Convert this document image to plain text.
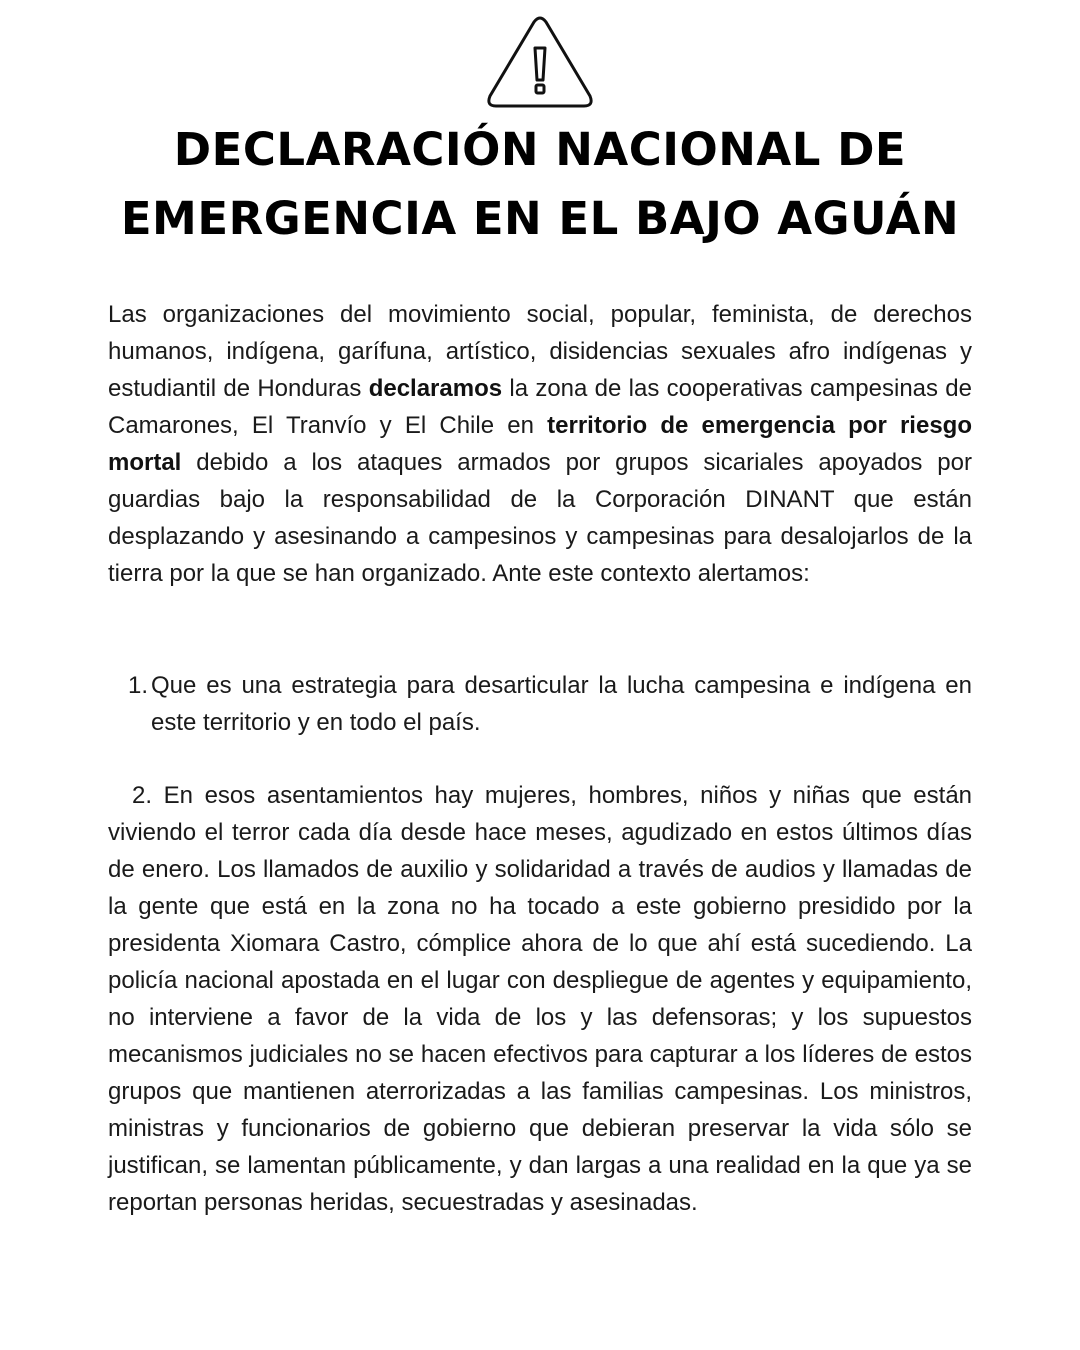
DECLARACIÓN NACIONAL DE
EMERGENCIA EN EL BAJO AGUÁN

Las organizaciones del movimiento social, popular, feminista, de derechos humanos, indígena, garífuna, artístico, disidencias sexuales afro indígenas y estudiantil de Honduras declaramos la zona de las cooperativas campesinas de Camarones, El Tranvío y El Chile en territorio de emergencia por riesgo mortal debido a los ataques armados por grupos sicariales apoyados por guardias bajo la responsabilidad de la Corporación DINANT que están desplazando y asesinando a campesinos y campesinas para desalojarlos de la tierra por la que se han organizado. Ante este contexto alertamos:

1. Que es una estrategia para desarticular la lucha campesina e indígena en este territorio y en todo el país.

2. En esos asentamientos hay mujeres, hombres, niños y niñas que están viviendo el terror cada día desde hace meses, agudizado en estos últimos días de enero. Los llamados de auxilio y solidaridad a través de audios y llamadas de la gente que está en la zona no ha tocado a este gobierno presidido por la presidenta Xiomara Castro, cómplice ahora de lo que ahí está sucediendo. La policía nacional apostada en el lugar con despliegue de agentes y equipamiento, no interviene a favor de la vida de los y las defensoras; y los supuestos mecanismos judiciales no se hacen efectivos para capturar a los líderes de estos grupos que mantienen aterrorizadas a las familias campesinas. Los ministros, ministras y funcionarios de gobierno que debieran preservar la vida sólo se justifican, se lamentan públicamente, y dan largas a una realidad en la que ya se reportan personas heridas, secuestradas y asesinadas.
